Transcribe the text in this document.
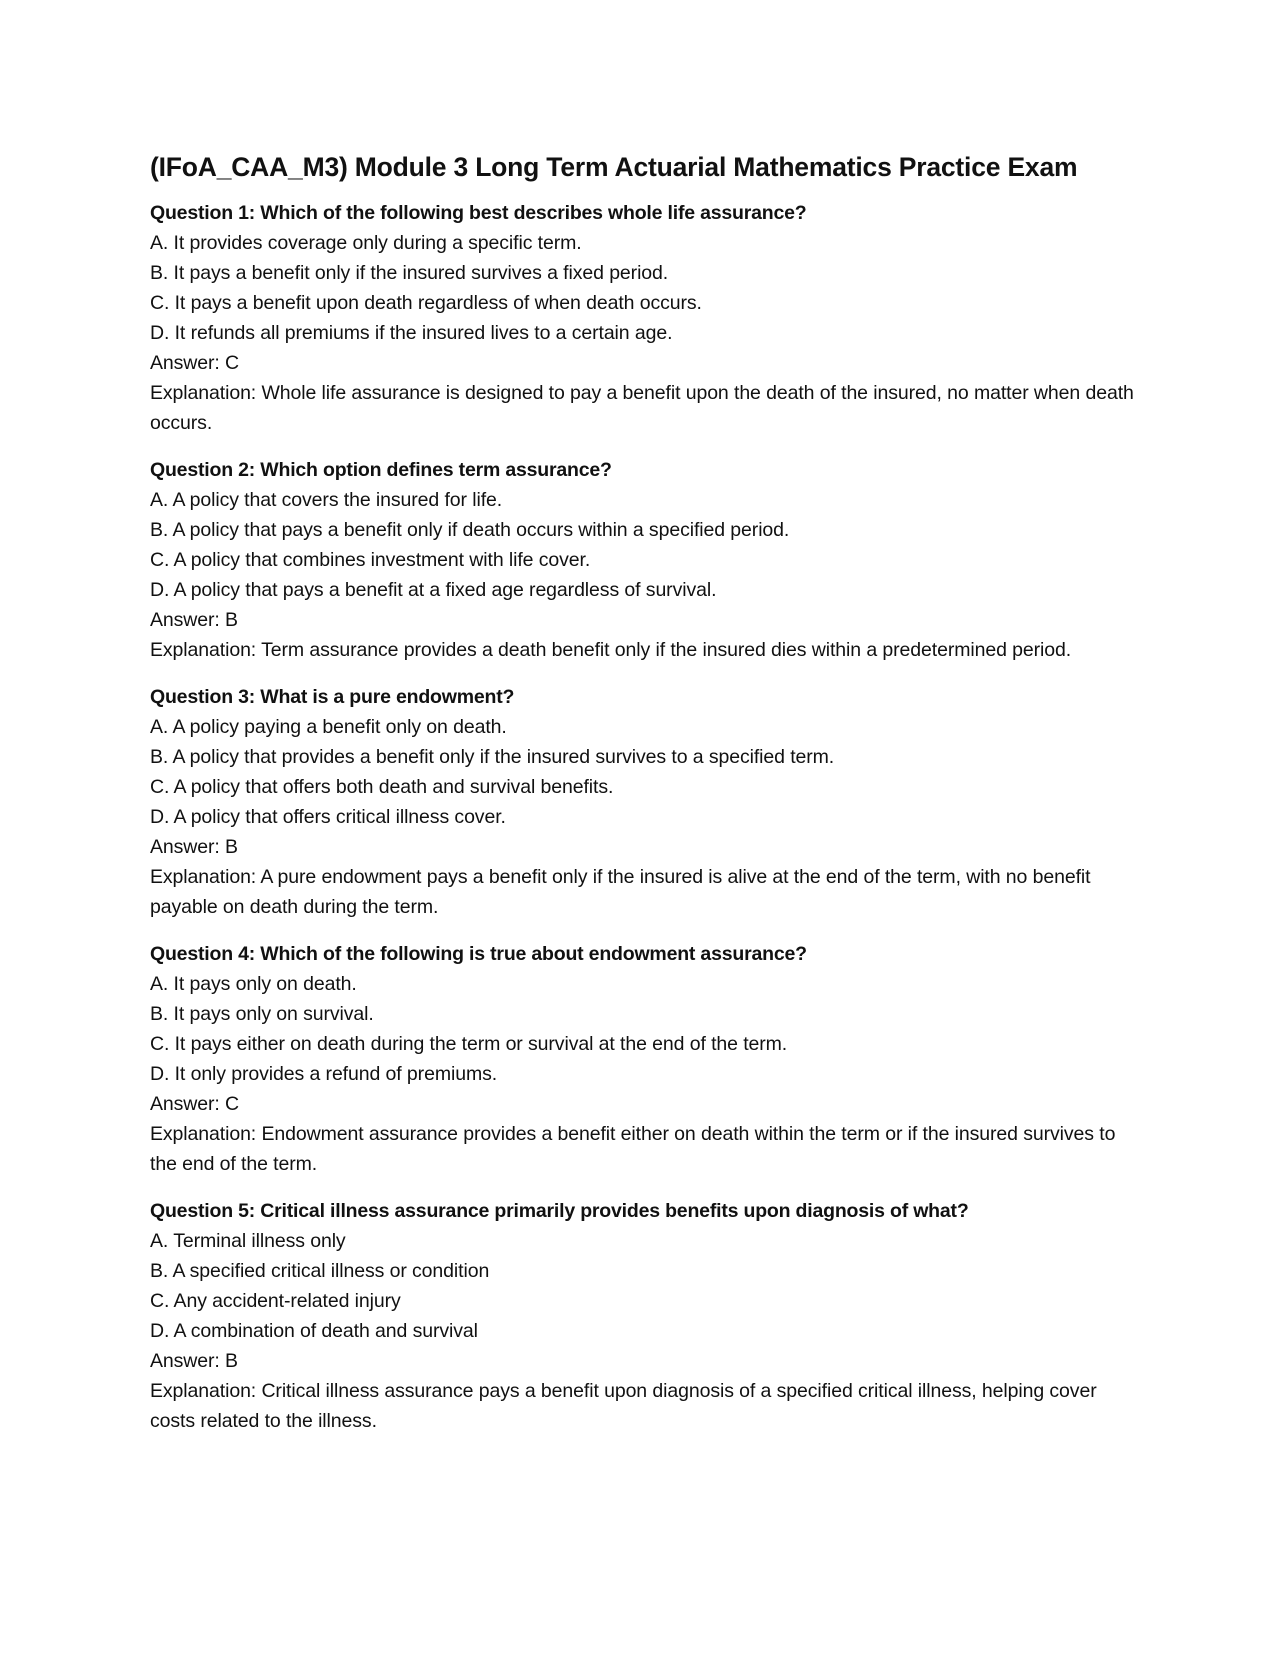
(IFoA_CAA_M3) Module 3 Long Term Actuarial Mathematics Practice Exam
Question 1: Which of the following best describes whole life assurance?
A. It provides coverage only during a specific term.
B. It pays a benefit only if the insured survives a fixed period.
C. It pays a benefit upon death regardless of when death occurs.
D. It refunds all premiums if the insured lives to a certain age.
Answer: C
Explanation: Whole life assurance is designed to pay a benefit upon the death of the insured, no matter when death occurs.
Question 2: Which option defines term assurance?
A. A policy that covers the insured for life.
B. A policy that pays a benefit only if death occurs within a specified period.
C. A policy that combines investment with life cover.
D. A policy that pays a benefit at a fixed age regardless of survival.
Answer: B
Explanation: Term assurance provides a death benefit only if the insured dies within a predetermined period.
Question 3: What is a pure endowment?
A. A policy paying a benefit only on death.
B. A policy that provides a benefit only if the insured survives to a specified term.
C. A policy that offers both death and survival benefits.
D. A policy that offers critical illness cover.
Answer: B
Explanation: A pure endowment pays a benefit only if the insured is alive at the end of the term, with no benefit payable on death during the term.
Question 4: Which of the following is true about endowment assurance?
A. It pays only on death.
B. It pays only on survival.
C. It pays either on death during the term or survival at the end of the term.
D. It only provides a refund of premiums.
Answer: C
Explanation: Endowment assurance provides a benefit either on death within the term or if the insured survives to the end of the term.
Question 5: Critical illness assurance primarily provides benefits upon diagnosis of what?
A. Terminal illness only
B. A specified critical illness or condition
C. Any accident-related injury
D. A combination of death and survival
Answer: B
Explanation: Critical illness assurance pays a benefit upon diagnosis of a specified critical illness, helping cover costs related to the illness.
